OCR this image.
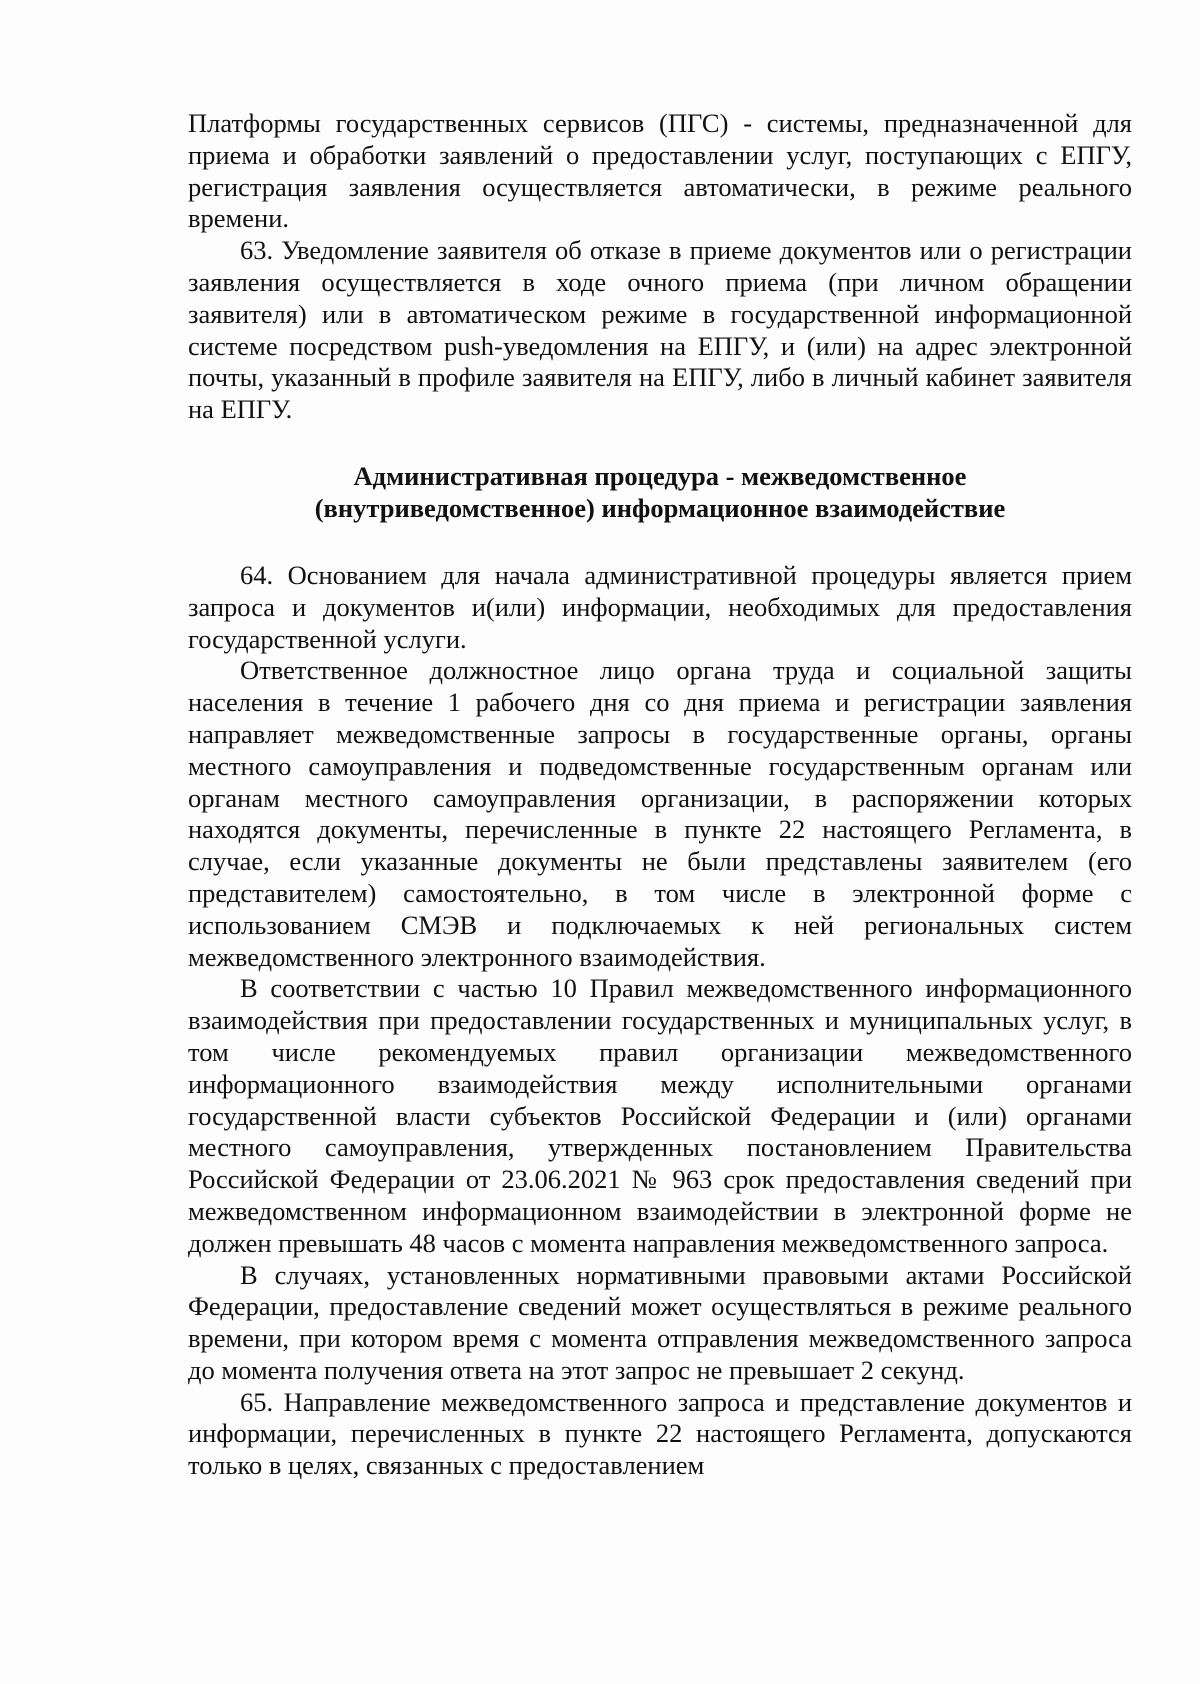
Платформы государственных сервисов (ПГС) - системы, предназначенной для приема и обработки заявлений о предоставлении услуг, поступающих с ЕПГУ, регистрация заявления осуществляется автоматически, в режиме реального времени.

63. Уведомление заявителя об отказе в приеме документов или о регистрации заявления осуществляется в ходе очного приема (при личном обращении заявителя) или в автоматическом режиме в государственной информационной системе посредством push-уведомления на ЕПГУ, и (или) на адрес электронной почты, указанный в профиле заявителя на ЕПГУ, либо в личный кабинет заявителя на ЕПГУ.

Административная процедура - межведомственное
(внутриведомственное) информационное взаимодействие

64. Основанием для начала административной процедуры является прием запроса и документов и(или) информации, необходимых для предоставления государственной услуги.

Ответственное должностное лицо органа труда и социальной защиты населения в течение 1 рабочего дня со дня приема и регистрации заявления направляет межведомственные запросы в государственные органы, органы местного самоуправления и подведомственные государственным органам или органам местного самоуправления организации, в распоряжении которых находятся документы, перечисленные в пункте 22 настоящего Регламента, в случае, если указанные документы не были представлены заявителем (его представителем) самостоятельно, в том числе в электронной форме с использованием СМЭВ и подключаемых к ней региональных систем межведомственного электронного взаимодействия.

В соответствии с частью 10 Правил межведомственного информационного взаимодействия при предоставлении государственных и муниципальных услуг, в том числе рекомендуемых правил организации межведомственного информационного взаимодействия между исполнительными органами государственной власти субъектов Российской Федерации и (или) органами местного самоуправления, утвержденных постановлением Правительства Российской Федерации от 23.06.2021 № 963 срок предоставления сведений при межведомственном информационном взаимодействии в электронной форме не должен превышать 48 часов с момента направления межведомственного запроса.

В случаях, установленных нормативными правовыми актами Российской Федерации, предоставление сведений может осуществляться в режиме реального времени, при котором время с момента отправления межведомственного запроса до момента получения ответа на этот запрос не превышает 2 секунд.

65. Направление межведомственного запроса и представление документов и информации, перечисленных в пункте 22 настоящего Регламента, допускаются только в целях, связанных с предоставлением
